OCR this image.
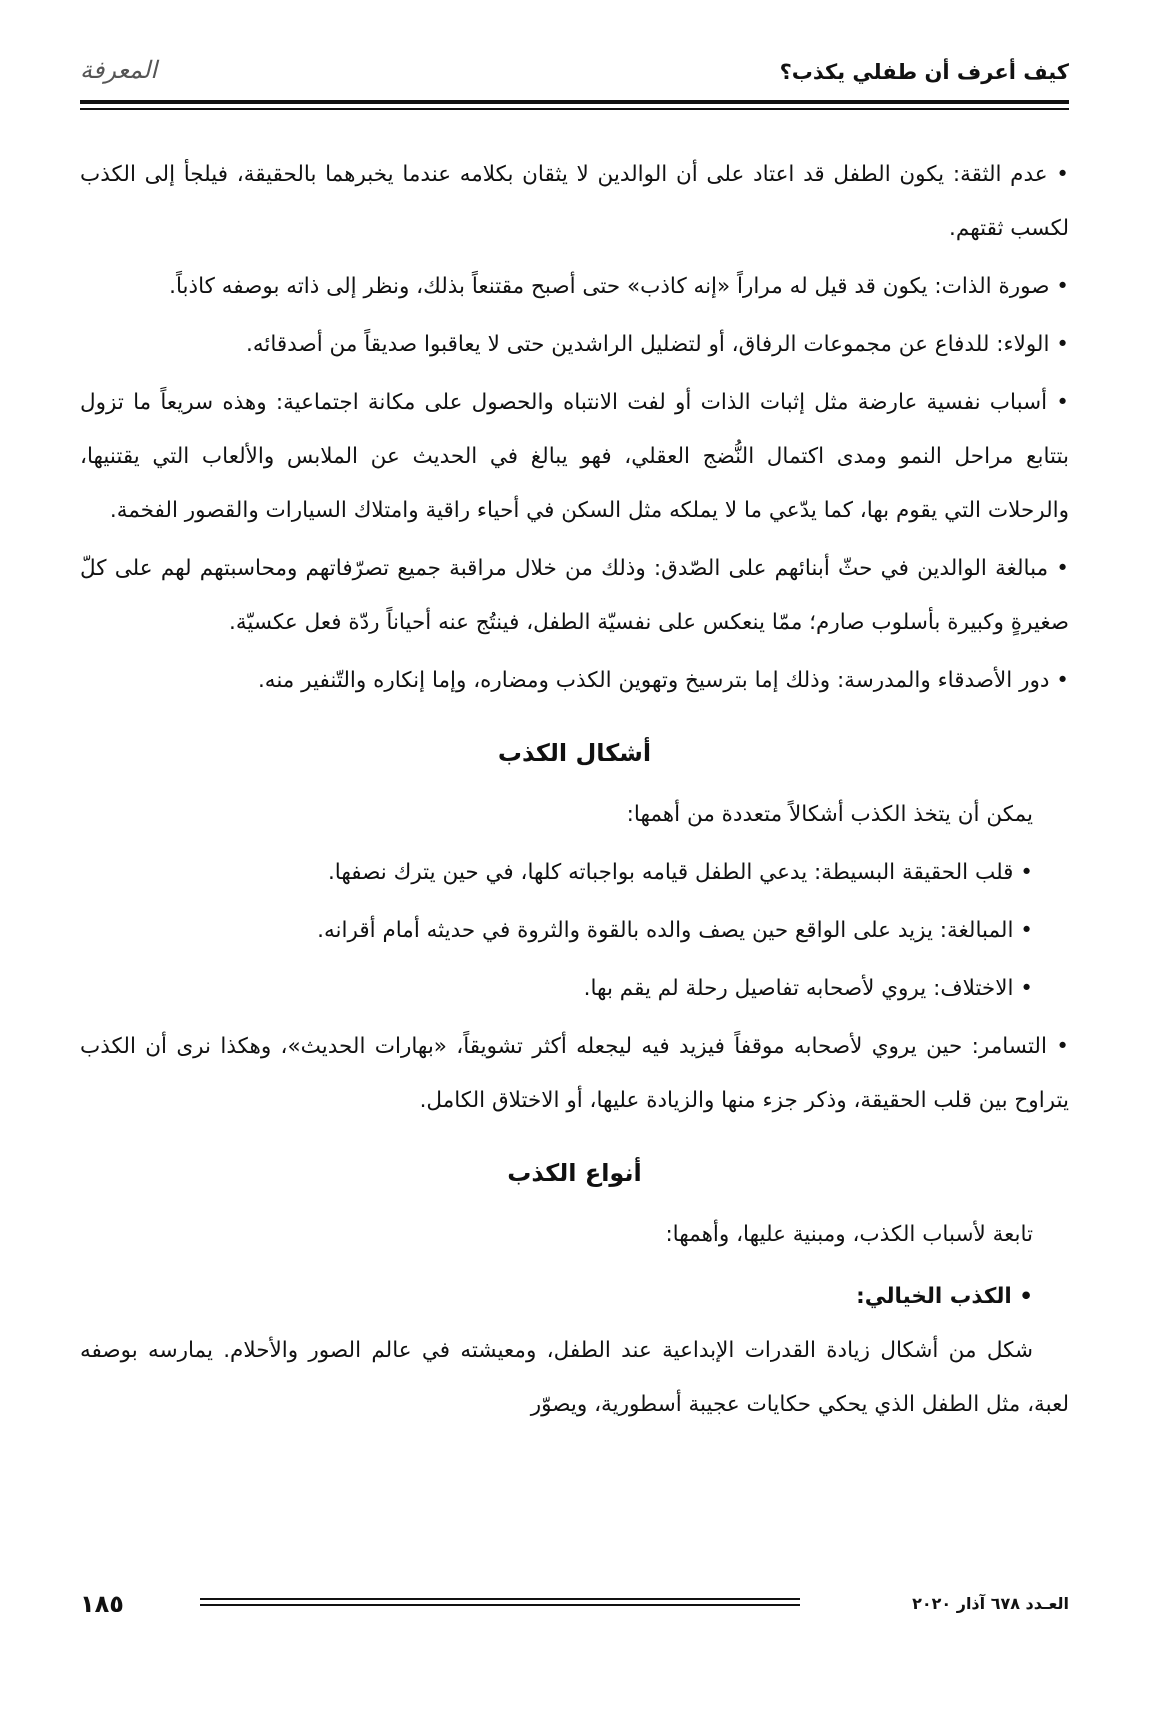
كيف أعرف أن طفلي يكذب؟
المعرفة

• عدم الثقة: يكون الطفل قد اعتاد على أن الوالدين لا يثقان بكلامه عندما يخبرهما بالحقيقة، فيلجأ إلى الكذب لكسب ثقتهم.

• صورة الذات: يكون قد قيل له مراراً «إنه كاذب» حتى أصبح مقتنعاً بذلك، ونظر إلى ذاته بوصفه كاذباً.

• الولاء: للدفاع عن مجموعات الرفاق، أو لتضليل الراشدين حتى لا يعاقبوا صديقاً من أصدقائه.

• أسباب نفسية عارضة مثل إثبات الذات أو لفت الانتباه والحصول على مكانة اجتماعية: وهذه سريعاً ما تزول بتتابع مراحل النمو ومدى اكتمال النُّضج العقلي، فهو يبالغ في الحديث عن الملابس والألعاب التي يقتنيها، والرحلات التي يقوم بها، كما يدّعي ما لا يملكه مثل السكن في أحياء راقية وامتلاك السيارات والقصور الفخمة.

• مبالغة الوالدين في حثّ أبنائهم على الصّدق: وذلك من خلال مراقبة جميع تصرّفاتهم ومحاسبتهم لهم على كلّ صغيرةٍ وكبيرة بأسلوب صارم؛ ممّا ينعكس على نفسيّة الطفل، فينتُج عنه أحياناً ردّة فعل عكسيّة.

• دور الأصدقاء والمدرسة: وذلك إما بترسيخ وتهوين الكذب ومضاره، وإما إنكاره والتّنفير منه.

أشكال الكذب

يمكن أن يتخذ الكذب أشكالاً متعددة من أهمها:

• قلب الحقيقة البسيطة: يدعي الطفل قيامه بواجباته كلها، في حين يترك نصفها.

• المبالغة: يزيد على الواقع حين يصف والده بالقوة والثروة في حديثه أمام أقرانه.

• الاختلاف: يروي لأصحابه تفاصيل رحلة لم يقم بها.

• التسامر: حين يروي لأصحابه موقفاً فيزيد فيه ليجعله أكثر تشويقاً، «بهارات الحديث»، وهكذا نرى أن الكذب يتراوح بين قلب الحقيقة، وذكر جزء منها والزيادة عليها، أو الاختلاق الكامل.

أنواع الكذب

تابعة لأسباب الكذب، ومبنية عليها، وأهمها:

• الكذب الخيالي:

شكل من أشكال زيادة القدرات الإبداعية عند الطفل، ومعيشته في عالم الصور والأحلام. يمارسه بوصفه لعبة، مثل الطفل الذي يحكي حكايات عجيبة أسطورية، ويصوّر

١٨٥	العـدد ٦٧٨ آذار ٢٠٢٠
